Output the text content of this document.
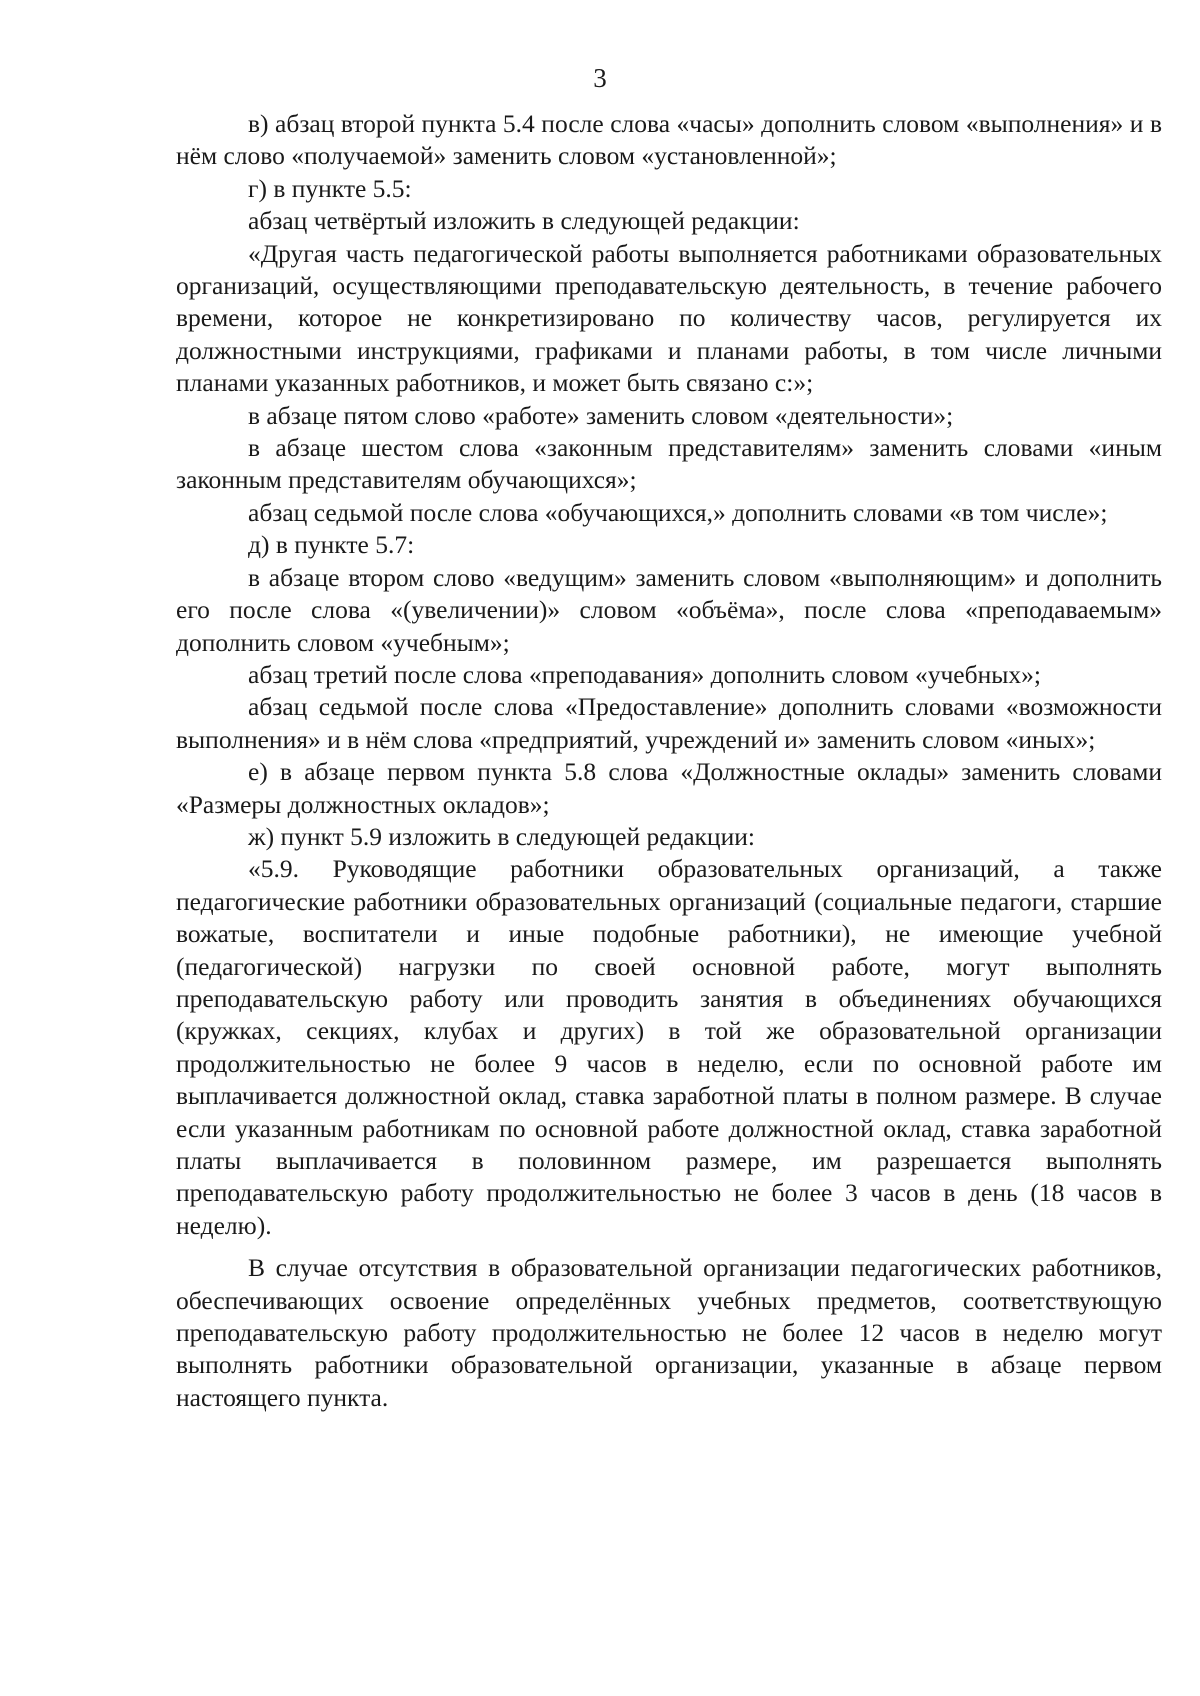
3

в) абзац второй пункта 5.4 после слова «часы» дополнить словом «выполнения» и в нём слово «получаемой» заменить словом «установленной»;

г) в пункте 5.5:

абзац четвёртый изложить в следующей редакции:

«Другая часть педагогической работы выполняется работниками образовательных организаций, осуществляющими преподавательскую деятельность, в течение рабочего времени, которое не конкретизировано по количеству часов, регулируется их должностными инструкциями, графиками и планами работы, в том числе личными планами указанных работников, и может быть связано с:»;

в абзаце пятом слово «работе» заменить словом «деятельности»;

в абзаце шестом слова «законным представителям» заменить словами «иным законным представителям обучающихся»;

абзац седьмой после слова «обучающихся,» дополнить словами «в том числе»;

д) в пункте 5.7:

в абзаце втором слово «ведущим» заменить словом «выполняющим» и дополнить его после слова «(увеличении)» словом «объёма», после слова «преподаваемым» дополнить словом «учебным»;

абзац третий после слова «преподавания» дополнить словом «учебных»;

абзац седьмой после слова «Предоставление» дополнить словами «возможности выполнения» и в нём слова «предприятий, учреждений и» заменить словом «иных»;

е) в абзаце первом пункта 5.8 слова «Должностные оклады» заменить словами «Размеры должностных окладов»;

ж) пункт 5.9 изложить в следующей редакции:

«5.9. Руководящие работники образовательных организаций, а также педагогические работники образовательных организаций (социальные педагоги, старшие вожатые, воспитатели и иные подобные работники), не имеющие учебной (педагогической) нагрузки по своей основной работе, могут выполнять преподавательскую работу или проводить занятия в объединениях обучающихся (кружках, секциях, клубах и других) в той же образовательной организации продолжительностью не более 9 часов в неделю, если по основной работе им выплачивается должностной оклад, ставка заработной платы в полном размере. В случае если указанным работникам по основной работе должностной оклад, ставка заработной платы выплачивается в половинном размере, им разрешается выполнять преподавательскую работу продолжительностью не более 3 часов в день (18 часов в неделю).

В случае отсутствия в образовательной организации педагогических работников, обеспечивающих освоение определённых учебных предметов, соответствующую преподавательскую работу продолжительностью не более 12 часов в неделю могут выполнять работники образовательной организации, указанные в абзаце первом настоящего пункта.
